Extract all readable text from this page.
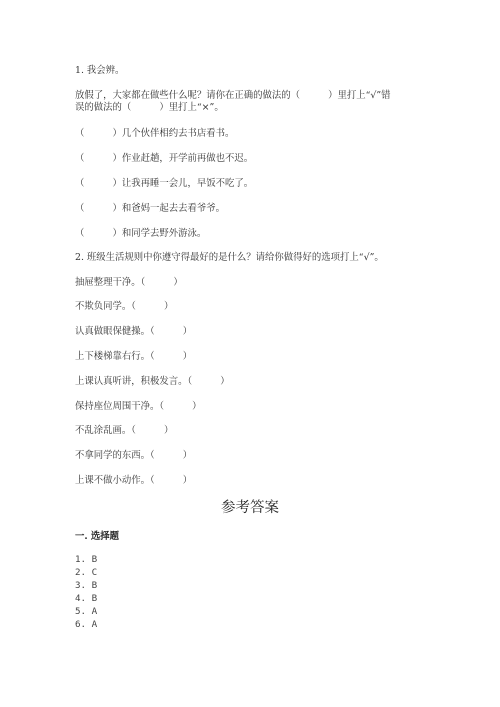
1. 我会辨。
放假了，大家都在做些什么呢？请你在正确的做法的（　　　）里打上“√”错
误的做法的（　　　）里打上“×”。
（　　　）几个伙伴相约去书店看书。
（　　　）作业赶趟，开学前再做也不迟。
（　　　）让我再睡一会儿，早饭不吃了。
（　　　）和爸妈一起去去看爷爷。
（　　　）和同学去野外游泳。
2. 班级生活规则中你遵守得最好的是什么？请给你做得好的选项打上“√”。
抽屉整理干净。（　　　）
不欺负同学。（　　　）
认真做眼保健操。（　　　）
上下楼梯靠右行。（　　　）
上课认真听讲，积极发言。（　　　）
保持座位周围干净。（　　　）
不乱涂乱画。（　　　）
不拿同学的东西。（　　　）
上课不做小动作。（　　　）
参考答案
一. 选择题
1. B
2. C
3. B
4. B
5. A
6. A
